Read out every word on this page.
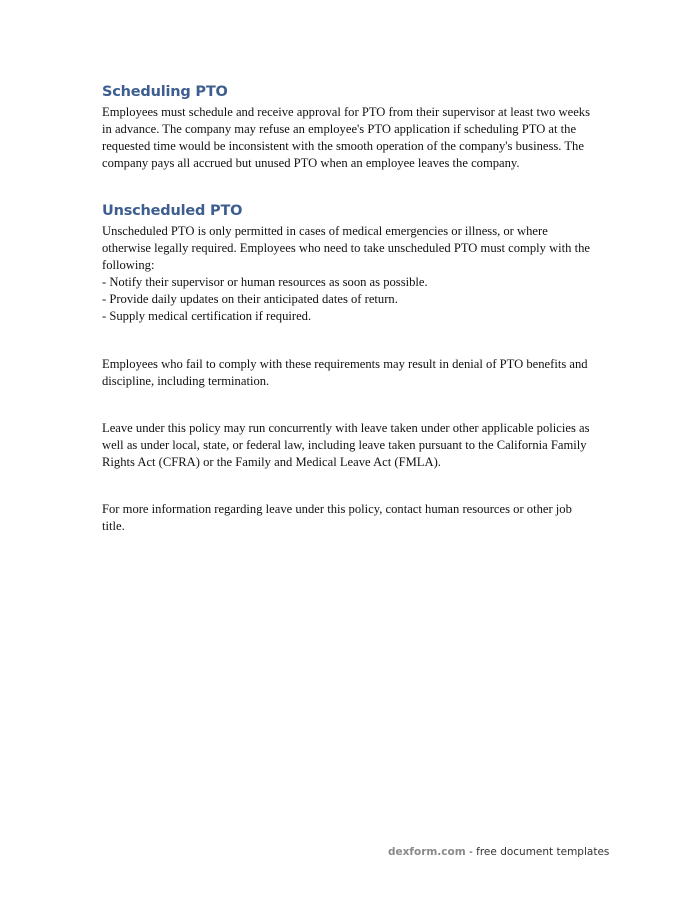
Scheduling PTO

Employees must schedule and receive approval for PTO from their supervisor at least two weeks in advance. The company may refuse an employee's PTO application if scheduling PTO at the requested time would be inconsistent with the smooth operation of the company's business. The company pays all accrued but unused PTO when an employee leaves the company.

Unscheduled PTO

Unscheduled PTO is only permitted in cases of medical emergencies or illness, or where otherwise legally required. Employees who need to take unscheduled PTO must comply with the following:

- Notify their supervisor or human resources as soon as possible.
- Provide daily updates on their anticipated dates of return.
- Supply medical certification if required.

Employees who fail to comply with these requirements may result in denial of PTO benefits and discipline, including termination.

Leave under this policy may run concurrently with leave taken under other applicable policies as well as under local, state, or federal law, including leave taken pursuant to the California Family Rights Act (CFRA) or the Family and Medical Leave Act (FMLA).

For more information regarding leave under this policy, contact human resources or other job title.

dexform.com - free document templates
